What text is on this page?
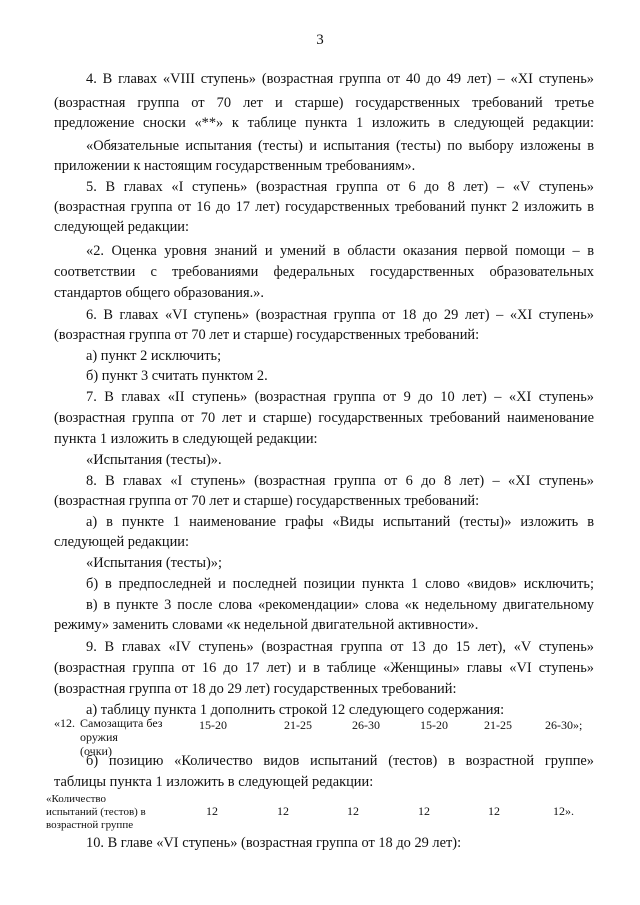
3
4. В главах «VIII ступень» (возрастная группа от 40 до 49 лет) – «XI ступень»
(возрастная группа от 70 лет и старше) государственных требований третье
предложение сноски «**» к таблице пункта 1 изложить в следующей редакции:
«Обязательные испытания (тесты) и испытания (тесты) по выбору изложены в
приложении к настоящим государственным требованиям».
5. В главах «I ступень» (возрастная группа от 6 до 8 лет) – «V ступень»
(возрастная группа от 16 до 17 лет) государственных требований пункт 2 изложить в
следующей редакции:
«2. Оценка уровня знаний и умений в области оказания первой помощи – в
соответствии с требованиями федеральных государственных образовательных
стандартов общего образования.».
6. В главах «VI ступень» (возрастная группа от 18 до 29 лет) – «XI ступень»
(возрастная группа от 70 лет и старше) государственных требований:
а) пункт 2 исключить;
б) пункт 3 считать пунктом 2.
7. В главах «II ступень» (возрастная группа от 9 до 10 лет) – «XI ступень»
(возрастная группа от 70 лет и старше) государственных требований наименование
пункта 1 изложить в следующей редакции:
«Испытания (тесты)».
8. В главах «I ступень» (возрастная группа от 6 до 8 лет) – «XI ступень»
(возрастная группа от 70 лет и старше) государственных требований:
а) в пункте 1 наименование графы «Виды испытаний (тесты)» изложить в
следующей редакции:
«Испытания (тесты)»;
б) в предпоследней и последней позиции пункта 1 слово «видов» исключить;
в) в пункте 3 после слова «рекомендации» слова «к недельному двигательному
режиму» заменить словами «к недельной двигательной активности».
9. В главах «IV ступень» (возрастная группа от 13 до 15 лет), «V ступень»
(возрастная группа от 16 до 17 лет) и в таблице «Женщины» главы «VI ступень»
(возрастная группа от 18 до 29 лет) государственных требований:
а) таблицу пункта 1 дополнить строкой 12 следующего содержания:
«12. Самозащита без
оружия
(очки)
15-20	21-25	26-30	15-20	21-25	26-30»;
б) позицию «Количество видов испытаний (тестов) в возрастной группе»
таблицы пункта 1 изложить в следующей редакции:
«Количество
испытаний (тестов) в
возрастной группе
12	12	12	12	12	12».
10. В главе «VI ступень» (возрастная группа от 18 до 29 лет):
